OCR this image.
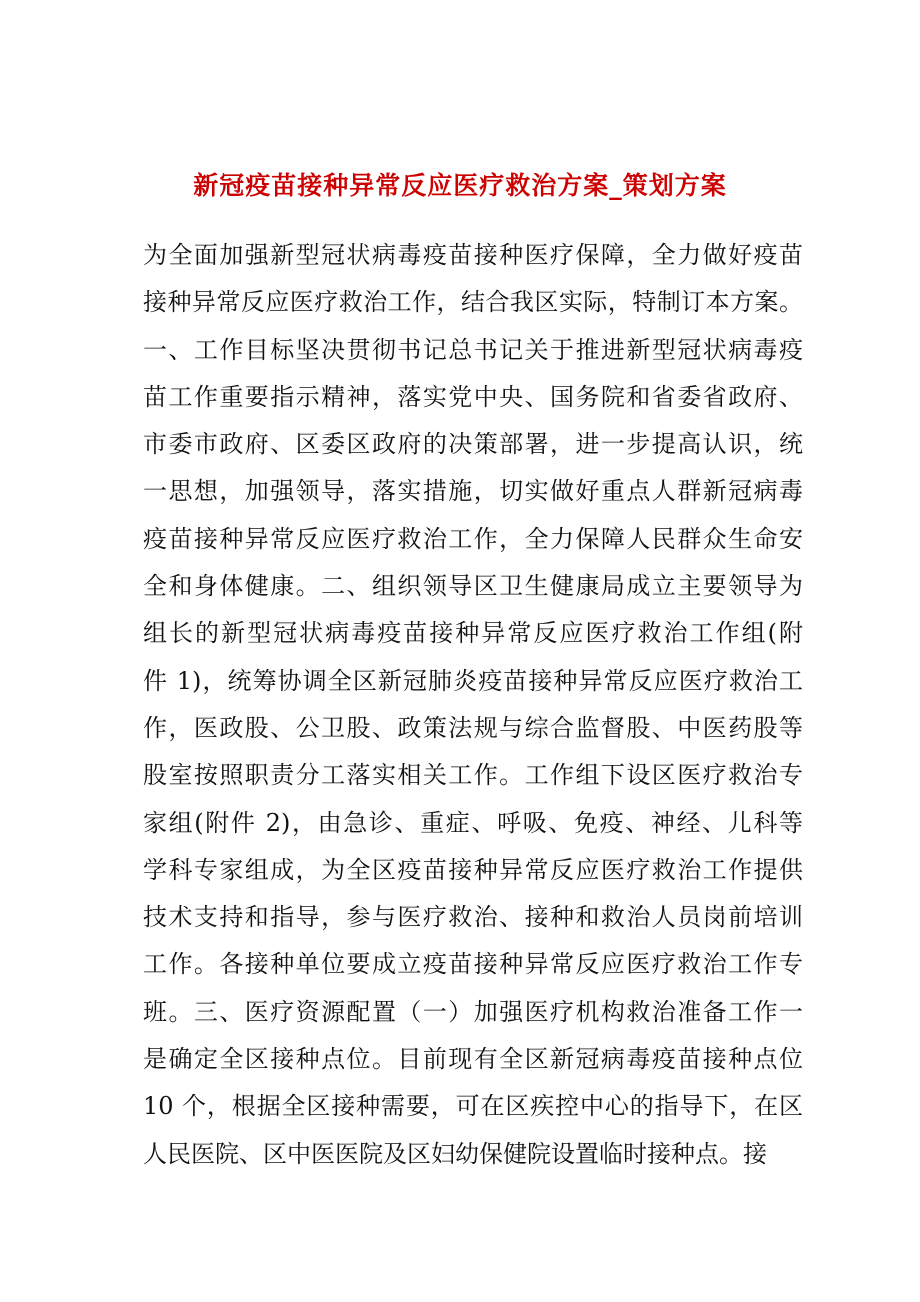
新冠疫苗接种异常反应医疗救治方案_策划方案
为全面加强新型冠状病毒疫苗接种医疗保障，全力做好疫苗
接种异常反应医疗救治工作，结合我区实际，特制订本方案。
一、工作目标坚决贯彻书记总书记关于推进新型冠状病毒疫
苗工作重要指示精神，落实党中央、国务院和省委省政府、
市委市政府、区委区政府的决策部署，进一步提高认识，统
一思想，加强领导，落实措施，切实做好重点人群新冠病毒
疫苗接种异常反应医疗救治工作，全力保障人民群众生命安
全和身体健康。二、组织领导区卫生健康局成立主要领导为
组长的新型冠状病毒疫苗接种异常反应医疗救治工作组(附
件 1)，统筹协调全区新冠肺炎疫苗接种异常反应医疗救治工
作，医政股、公卫股、政策法规与综合监督股、中医药股等
股室按照职责分工落实相关工作。工作组下设区医疗救治专
家组(附件 2)，由急诊、重症、呼吸、免疫、神经、儿科等
学科专家组成，为全区疫苗接种异常反应医疗救治工作提供
技术支持和指导，参与医疗救治、接种和救治人员岗前培训
工作。各接种单位要成立疫苗接种异常反应医疗救治工作专
班。三、医疗资源配置（一）加强医疗机构救治准备工作一
是确定全区接种点位。目前现有全区新冠病毒疫苗接种点位
10 个，根据全区接种需要，可在区疾控中心的指导下，在区
人民医院、区中医医院及区妇幼保健院设置临时接种点。接
